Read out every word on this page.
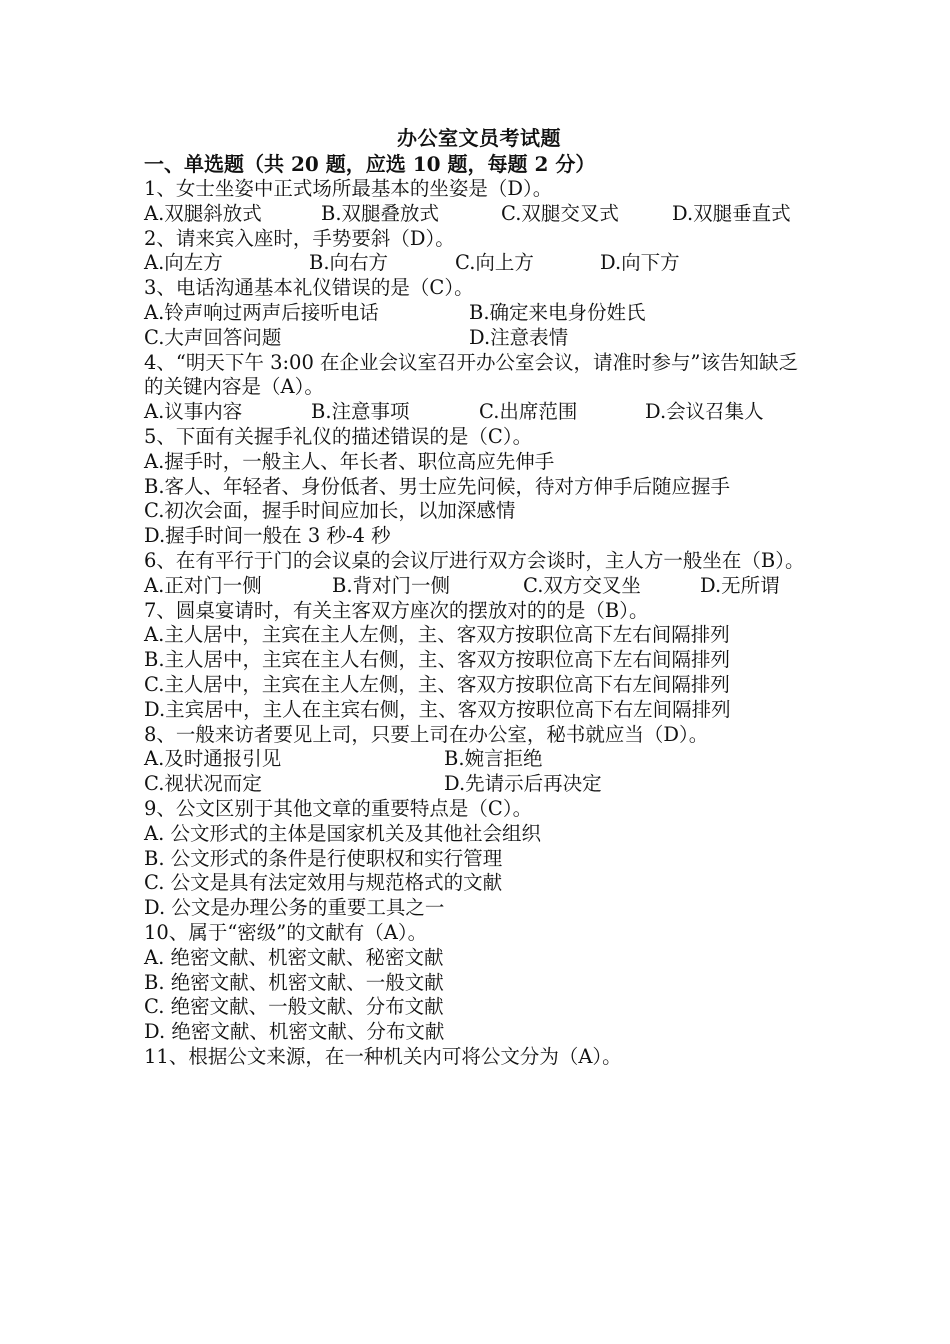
办公室文员考试题
一、单选题（共 20 题，应选 10 题，每题 2 分）
1、女士坐姿中正式场所最基本的坐姿是（D）。
A.双腿斜放式	B.双腿叠放式	C.双腿交叉式	D.双腿垂直式
2、请来宾入座时，手势要斜（D）。
A.向左方	B.向右方	C.向上方	D.向下方
3、电话沟通基本礼仪错误的是（C）。
A.铃声响过两声后接听电话	B.确定来电身份姓氏
C.大声回答问题	D.注意表情
4、“明天下午 3:00 在企业会议室召开办公室会议，请准时参与”该告知缺乏的关键内容是（A）。
A.议事内容	B.注意事项	C.出席范围	D.会议召集人
5、下面有关握手礼仪的描述错误的是（C）。
A.握手时，一般主人、年长者、职位高应先伸手
B.客人、年轻者、身份低者、男士应先问候，待对方伸手后随应握手
C.初次会面，握手时间应加长，以加深感情
D.握手时间一般在 3 秒-4 秒
6、在有平行于门的会议桌的会议厅进行双方会谈时，主人方一般坐在（B）。
A.正对门一侧	B.背对门一侧	C.双方交叉坐	D.无所谓
7、圆桌宴请时，有关主客双方座次的摆放对的的是（B）。
A.主人居中，主宾在主人左侧，主、客双方按职位高下左右间隔排列
B.主人居中，主宾在主人右侧，主、客双方按职位高下左右间隔排列
C.主人居中，主宾在主人左侧，主、客双方按职位高下右左间隔排列
D.主宾居中，主人在主宾右侧，主、客双方按职位高下右左间隔排列
8、一般来访者要见上司，只要上司在办公室，秘书就应当（D）。
A.及时通报引见	B.婉言拒绝
C.视状况而定	D.先请示后再决定
9、公文区别于其他文章的重要特点是（C）。
A. 公文形式的主体是国家机关及其他社会组织
B. 公文形式的条件是行使职权和实行管理
C. 公文是具有法定效用与规范格式的文献
D. 公文是办理公务的重要工具之一
10、属于“密级”的文献有（A）。
A. 绝密文献、机密文献、秘密文献
B. 绝密文献、机密文献、一般文献
C. 绝密文献、一般文献、分布文献
D. 绝密文献、机密文献、分布文献
11、根据公文来源，在一种机关内可将公文分为（A）。
